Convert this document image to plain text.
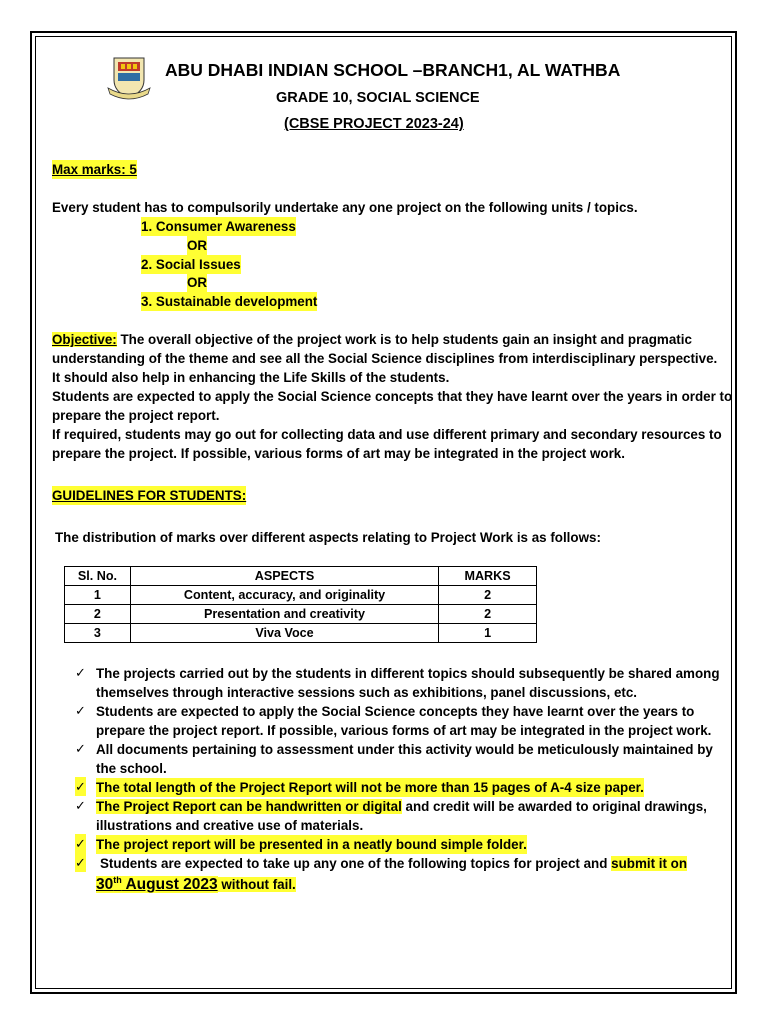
ABU DHABI INDIAN SCHOOL –BRANCH1, AL WATHBA
GRADE 10, SOCIAL SCIENCE
(CBSE PROJECT 2023-24)
Max marks: 5
Every student has to compulsorily undertake any one project on the following units / topics.
1. Consumer Awareness
OR
2. Social Issues
OR
3. Sustainable development
Objective: The overall objective of the project work is to help students gain an insight and pragmatic
understanding of the theme and see all the Social Science disciplines from interdisciplinary perspective.
It should also help in enhancing the Life Skills of the students.
Students are expected to apply the Social Science concepts that they have learnt over the years in order to
prepare the project report.
If required, students may go out for collecting data and use different primary and secondary resources to
prepare the project. If possible, various forms of art may be integrated in the project work.
GUIDELINES FOR STUDENTS:
The distribution of marks over different aspects relating to Project Work is as follows:
Sl. No.	ASPECTS	MARKS
1	Content, accuracy, and originality	2
2	Presentation and creativity	2
3	Viva Voce	1
✓ The projects carried out by the students in different topics should subsequently be shared among
themselves through interactive sessions such as exhibitions, panel discussions, etc.
✓ Students are expected to apply the Social Science concepts they have learnt over the years to
prepare the project report. If possible, various forms of art may be integrated in the project work.
✓ All documents pertaining to assessment under this activity would be meticulously maintained by
the school.
✓ The total length of the Project Report will not be more than 15 pages of A-4 size paper.
✓ The Project Report can be handwritten or digital and credit will be awarded to original drawings,
illustrations and creative use of materials.
✓ The project report will be presented in a neatly bound simple folder.
✓ Students are expected to take up any one of the following topics for project and submit it on
30th August 2023 without fail.
